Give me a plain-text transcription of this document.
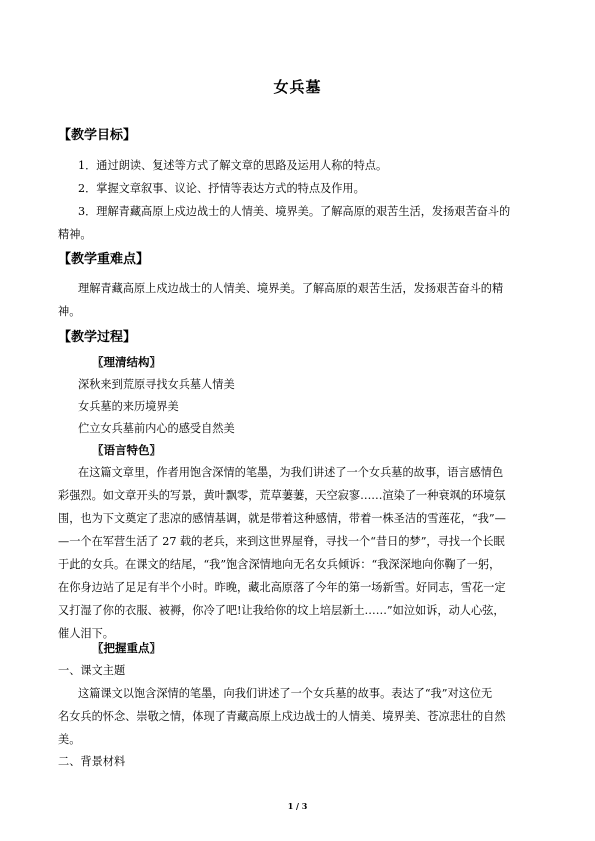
女兵墓
【教学目标】
1．通过朗读、复述等方式了解文章的思路及运用人称的特点。
2．掌握文章叙事、议论、抒情等表达方式的特点及作用。
3．理解青藏高原上戍边战士的人情美、境界美。了解高原的艰苦生活，发扬艰苦奋斗的
精神。
【教学重难点】
理解青藏高原上戍边战士的人情美、境界美。了解高原的艰苦生活，发扬艰苦奋斗的精
神。
【教学过程】
〖理清结构〗
深秋来到荒原寻找女兵墓人情美
女兵墓的来历境界美
伫立女兵墓前内心的感受自然美
〖语言特色〗
在这篇文章里，作者用饱含深情的笔墨，为我们讲述了一个女兵墓的故事，语言感情色
彩强烈。如文章开头的写景，黄叶飘零，荒草萋萋，天空寂寥……渲染了一种衰飒的环境氛
围，也为下文奠定了悲凉的感情基调，就是带着这种感情，带着一株圣洁的雪莲花，“我”—
—一个在军营生活了 27 载的老兵，来到这世界屋脊，寻找一个“昔日的梦”，寻找一个长眠
于此的女兵。在课文的结尾，“我”饱含深情地向无名女兵倾诉：“我深深地向你鞠了一躬，
在你身边站了足足有半个小时。昨晚，藏北高原落了今年的第一场新雪。好同志，雪花一定
又打湿了你的衣服、被褥，你冷了吧!让我给你的坟上培层新土……”如泣如诉，动人心弦，
催人泪下。
〖把握重点〗
一、课文主题
这篇课文以饱含深情的笔墨，向我们讲述了一个女兵墓的故事。表达了“我”对这位无
名女兵的怀念、崇敬之情，体现了青藏高原上戍边战士的人情美、境界美、苍凉悲壮的自然
美。
二、背景材料
1 / 3
